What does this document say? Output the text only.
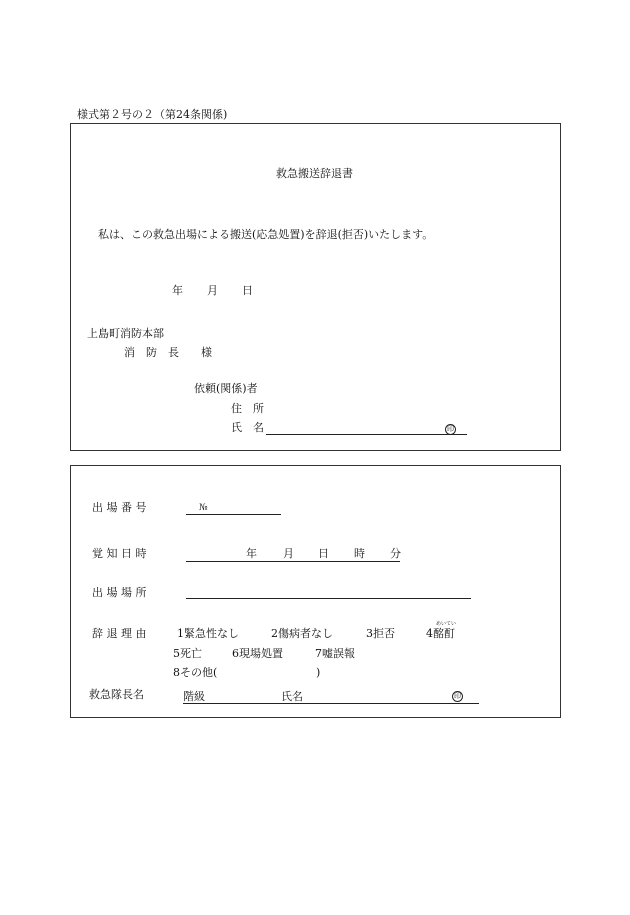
様式第２号の２（第24条関係)
救急搬送辞退書
私は、この救急出場による搬送(応急処置)を辞退(拒否)いたします。
年 月 日
上島町消防本部
消　防　長　　様
依頼(関係)者
住　所
氏　名	印
出 場 番 号	№
覚 知 日 時	年 月 日 時 分
出 場 場 所
辞 退 理 由	1緊急性なし	2傷病者なし	3拒否	4酩酊
めいてい
5死亡	6現場処置	7嘘誤報
8その他(	)
救急隊長名	階級	氏名	印
